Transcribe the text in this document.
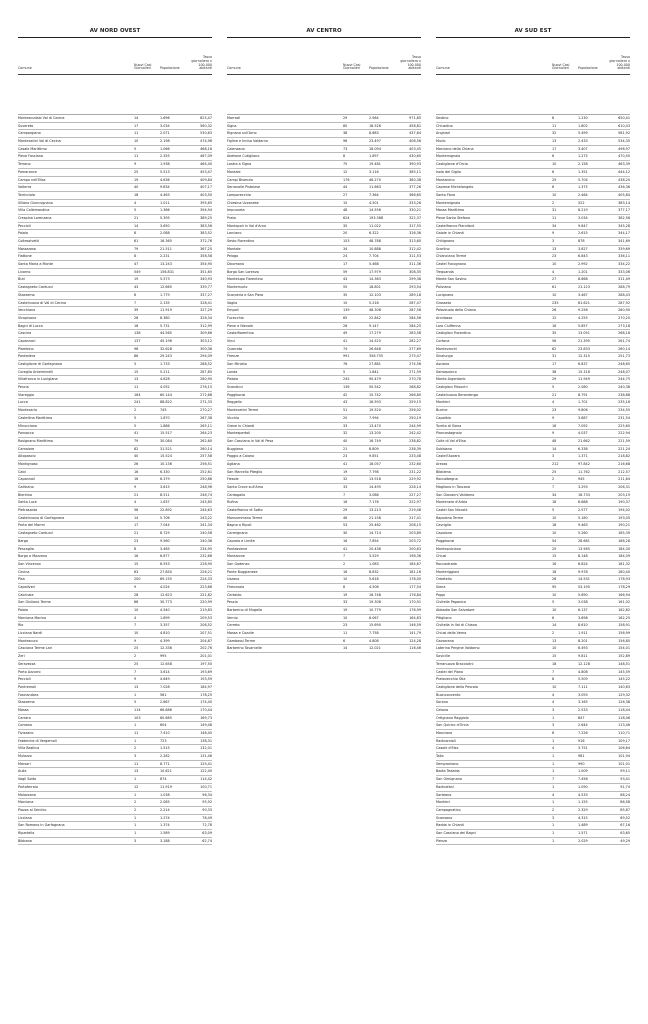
AV NORD OVEST
Comune
Nuovi Casi Giornalieri	Popolazione
Tasso giornaliero x 100.000 abitanti
Montescudaio Val di Cecina	14	1.696	825,47
Suvereto	17	3.034	560,32
Camporgiano	11	2.071	530,63
Montecatini Val di Cecina	10	2.198	474,98
Casale Marittimo	5	1.066	468,16
Pieve Fosciana	11	2.355	467,09
Terrano	9	1.938	464,40
Pomarance	25	5.513	453,47
Campo nell'Elba	19	4.636	409,84
Volterra	40	9.834	407,17
Terricciola	18	4.463	403,50
Sillano Giuncugnano	4	1.011	395,65
Villa Collemandina	5	1.366	394,94
Crespina Lorenzana	21	5.395	389,25
Peccioli	14	3.650	383,56
Palaia	8	2.088	383,52
Collesalvetti	61	16.365	372,76
Massarosa	79	21.511	367,25
Fiattone	8	2.231	358,58
Santa Maria a Monte	47	13.243	354,90
Livorno	549	156.831	351,65
Buti	19	5.573	340,93
Castagneto Carducci	43	12.665	339,77
Stazzema	6	1.779	337,27
Castelnuovo di Val di Cecina	7	2.135	328,41
Vecchiano	39	11.919	327,29
Vicopisano	28	8.380	326,34
Bagni di Lucca	18	5.731	312,99
Cascina	138	44.565	309,66
Capannori	137	45.196	303,12
Piombino	98	32.628	300,36
Pontedera	86	29.243	294,09
Castiglione di Garfagnana	5	1.733	288,52
Coreglia Antelminelli	15	5.211	287,85
Villafranca in Lunigiana	13	4.628	280,90
Pescia	11	4.052	276,15
Viareggio	164	60.144	272,68
Lucca	241	88.822	271,33
Montecarlo	2	745	270,27
Castellina Marittima	5	1.870	267,38
Minucciano	5	1.886	265,11
Ponsacco	41	15.517	264,23
Rosignano Marittimo	79	30.084	262,60
Camaiore	82	31.521	260,14
Altopascio	40	15.524	257,58
Montignoso	26	10.136	256,51
Calci	16	6.330	252,61
Capannoli	16	6.379	250,86
Gallicano	9	3.615	248,96
Bientina	21	8.511	246,74
Santa Luce	4	1.637	245,85
Pietrasanta	56	22.892	244,63
Castelnuovo di Garfagnana	14	5.706	243,22
Porto del Marmi	17	7.044	241,34
Castagneto Carducci	21	8.729	240,58
Barga	23	9.560	240,36
Pescaglia	8	3.465	234,95
Borgo a Mozzano	16	6.877	232,66
San Vincenzo	15	6.553	228,90
Cecina	63	27.850	226,21
Pisa	200	89.155	224,33
Capoliveri	9	4.024	223,66
Calcinaia	28	12.623	221,82
San Giuliano Terme	68	30.773	220,99
Palaia	10	4.540	219,83
Marciana Marina	4	1.899	209,53
Rio	7	3.357	208,52
Licciana Nardi	10	4.810	207,51
Montescuro	9	4.399	204,87
Casciana Terme Lari	25	12.336	202,76
Zeri	2	995	201,01
Seravezza	25	12.658	197,50
Porto Azzurro	7	3.614	193,69
Peccioli	9	4.649	193,59
Pontremoli	13	7.028	184,97
Fosciandora	1	561	178,25
Stazzema	5	2.867	174,40
Massa	114	66.886	170,44
Carrara	103	60.685	169,73
Comano	1	604	149,48
Fivizzano	11	7.410	148,45
Fabbriche di Vergemoli	1	723	138,31
Villa Basilica	2	1.515	132,01
Mulazzo	3	2.282	131,46
Marsari	11	8.771	125,41
Aulla	13	10.621	122,40
Vagli Sotto	1	874	114,42
Portoferraio	12	11.919	100,71
Molazzana	1	1.038	96,34
Marciana	2	2.085	95,92
Piazza al Serchio	2	2.214	90,33
Licciana	1	1.274	78,49
San Romano in Garfagnana	1	1.374	72,78
Ripartella	1	1.589	63,09
Bibbona	3	3.188	62,74
AV CENTRO
Comune
Nuovi Casi Giornalieri	Popolazione
Tasso giornaliero x 100.000 abitanti
Marradi	29	2.984	971,85
Signa	80	18.526	458,81
Rignano sull'Arno	38	8.683	437,64
Figline e Incisa Valdarno	96	23.497	408,56
Calenzano	73	18.094	403,45
Abetone Cutigliano	8	1.897	430,60
Lastra a Signa	75	19.481	390,93
Montale	12	3.116	385,11
Campi Bisenzio	176	46.270	380,38
Serravalle Pistoiese	44	11.663	377,26
Lamporecchio	27	7.364	366,65
Chiesina Uzzanese	15	4.501	333,26
Impruneta	48	14.556	330,21
Prato	624	193.368	322,37
Montopoli in Val d'Arno	35	11.022	317,55
Larciano	20	6.322	316,36
Sesto Fiorentino	153	48.788	313,60
Montale	34	10.888	312,42
Pelago	24	7.704	311,53
Dicomano	17	5.468	311,36
Borgo San Lorenzo	59	17.979	308,35
Montelupo Fiorentino	43	14.363	299,38
Montemurlo	55	18.801	293,54
Scarperia e San Piero	35	12.103	289,18
Vaglia	15	5.218	287,47
Empoli	139	48.308	287,58
Fucecchio	65	22.842	284,56
Pieve a Nievole	26	9.147	284,25
Castelfiorentino	49	17.279	283,58
Vinci	41	14.525	282,27
Quarrata	74	26.648	277,69
Firenze	991	358.755	275,47
San Miniato	76	27.881	274,56
Londa	5	1.841	271,59
Pistoia	245	90.479	270,78
Scandicci	136	50.542	268,82
Poggibonsi	42	15.742	266,80
Reggello	43	16.593	259,15
Montecatini Terme	51	19.520	256,02
Vicchio	20	7.994	250,19
Greve in Chianti	33	13.470	244,99
Montespertoli	32	13.200	242,42
San Casciano in Val di Pesa	40	16.749	238,82
Buggiano	21	8.809	238,39
Poggio a Caiano	23	9.851	233,48
Agliana	41	18.057	232,60
San Marcello Piteglio	19	7.798	231,22
Fiesole	32	13.918	229,92
Santa Croce sull'Arno	33	14.495	228,14
Cantagallo	7	3.088	227,27
Rufina	16	7.176	222,97
Castelfranco di Sotto	29	13.213	219,48
Monsummano Terme	46	21.158	217,41
Bagno a Ripoli	53	25.462	208,15
Carmignano	30	14.714	203,89
Capraia e Limite	16	7.854	203,72
Pontassieve	41	20.436	200,63
Montaione	7	3.529	198,36
San Godenzo	2	1.083	184,67
Ponte Buggianese	16	8.832	181,16
Uzzano	10	5.618	178,00
Firenzuola	8	4.506	177,54
Certaldo	19	16.748	176,84
Pescia	33	19.308	170,91
Barberino di Mugello	19	10.779	176,99
Vernio	10	6.067	164,83
Cerreto	23	15.690	146,59
Massa e Cozzile	11	7.758	141,79
Gambassi Terme	6	4.808	124,28
Barberino Tavarnelle	14	12.021	116,46
AV SUD EST
Comune
Nuovi Casi Giornalieri	Popolazione
Tasso giornaliero x 100.000 abitanti
Sestino	8	1.230	650,41
Chiusdino	11	1.802	610,43
Anghiari	32	5.499	581,92
Murlo	13	2.433	534,35
Marciano della Chiana	17	3.407	498,97
Montemignaio	6	1.275	470,50
Castiglione d'Orcia	10	2.158	463,39
Isola del Giglio	6	1.351	444,12
Montalcino	25	5.704	438,20
Caprese Michelangelo	6	1.375	436,36
Santa Fiora	10	2.464	405,84
Montemignaio	2	522	383,14
Massa Marittima	31	8.219	377,17
Pieve Santo Stefano	11	3.034	362,56
Castelfranco Piandiscò	34	9.847	345,28
Gaiole in Chianti	9	2.615	344,17
Chitignano	3	878	341,69
Scarlino	13	3.827	339,69
Chianciano Terme	23	6.843	336,11
Castel Focognano	10	2.992	334,22
Trequanda	4	1.201	333,06
Monte San Savino	27	8.668	311,49
Poliziano	61	21.123	288,79
Lucignano	10	3.467	288,43
Grosseto	235	81.621	287,92
Palazzuolo della Chiana	26	9.256	280,90
Arcidosso	12	4.255	270,20
Loro Ciuffenna	16	5.857	273,18
Castiglion Fiorentino	35	13.051	268,18
Cortona	56	21.395	261,74
Montevarchi	62	23.833	260,14
Sinalunga	31	12.315	251,73
Asciano	17	6.837	248,65
Sansepolcro	38	15.318	248,07
Monte Argentario	29	11.949	244,75
Castiglion Fibocchi	5	2.080	240,38
Castelnuovo Berardenga	21	8.791	238,88
Montieri	4	1.701	235,16
Bucine	23	9.806	234,55
Capalbio	9	3.887	231,54
Torrita di Siena	16	7.092	225,60
Piancastagnaio	9	4.037	222,94
Colle di Val d'Elsa	48	21.662	221,59
Subbiano	14	6.338	221,24
Castell'Azzara	3	1.371	218,82
Arezzo	212	97.842	216,68
Bibbiena	25	11.762	212,57
Roccalbegna	2	945	211,64
Magliano in Toscana	7	3.293	206,31
San Giovanni Valdarno	34	16.733	203,19
Montenero d'Arbia	18	8.688	190,37
Castel San Niccolò	5	2.577	194,02
Rapolano Terme	10	5.180	193,05
Cavriglia	18	9.463	190,21
Capolona	10	5.260	185,39
Poggibonsi	54	28.681	188,28
Montepulciano	25	13.565	184,30
Chiusi	15	8.148	184,09
Roccastrada	16	8.824	181,32
Monteriggioni	18	9.978	180,40
Orbetello	26	14.531	178,93
Siena	95	53.195	178,29
Poppi	10	5.690	166,94
Civitella Paganico	5	3.038	161,02
Abbadia San Salvatore	10	6.137	162,82
Pitigliano	6	3.698	162,25
Civitella in Val di Chiana	14	8.610	158,91
Chiusi della Verna	2	1.911	156,99
Gavorrano	13	8.201	156,80
Laterina Pergine Valdarno	10	6.493	154,01
Sovicille	15	9.811	152,89
Terranuova Bracciolini	18	12.128	148,51
Castel del Piano	7	4.808	145,59
Pratovecchio Stia	8	5.509	145,22
Castiglione della Pescaia	10	7.111	140,63
Buonconvento	4	3.093	129,32
Sorano	4	3.165	126,38
Cetona	3	2.533	118,44
Ortignano Raggiolo	1	847	118,06
San Quirico d'Orcia	3	2.644	113,46
Manciano	8	7.226	110,71
Radicondoli	1	916	109,17
Casole d'Elsa	4	3.751	106,64
Talla	1	981	101,94
Semproniano	1	990	101,01
Badia Tedalda	1	1.009	99,11
San Gimignano	7	7.456	93,41
Radicofani	1	1.090	91,74
Sarteano	4	4.533	88,24
Montieri	1	1.155	86,58
Campagnatico	2	2.329	85,87
Scansano	3	4.315	69,52
Radda in Chianti	1	1.489	67,16
San Casciano dei Bagni	1	1.571	63,65
Pienza	1	2.029	49,29
